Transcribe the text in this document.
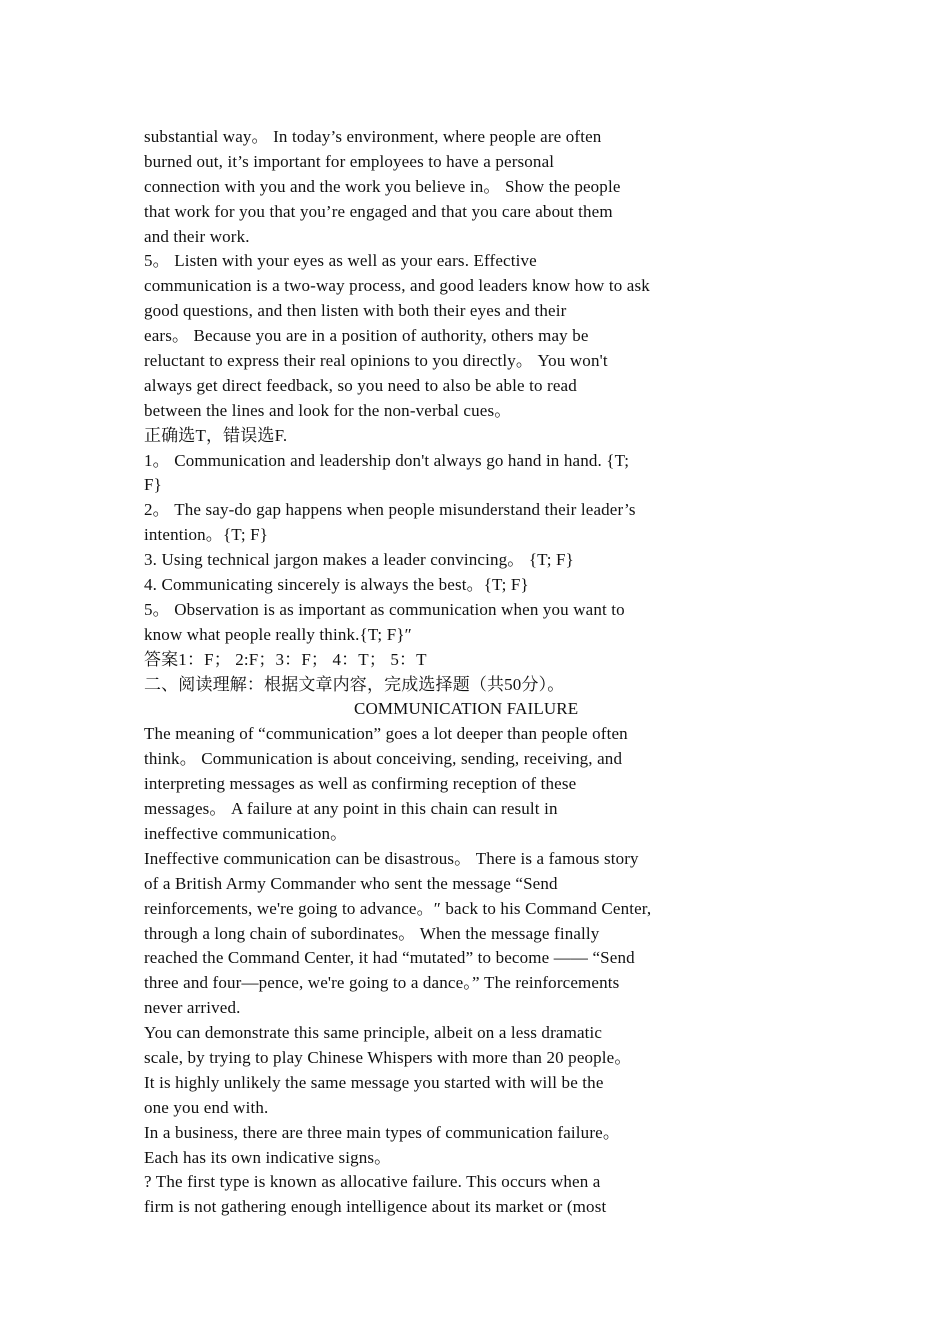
substantial way。 In today’s environment, where people are often
burned out, it’s important for employees to have a personal
connection with you and the work you believe in。 Show the people
that work for you that you’re engaged and that you care about them
and their work.
5。 Listen with your eyes as well as your ears. Effective
communication is a two-way process, and good leaders know how to ask
good questions, and then listen with both their eyes and their
ears。 Because you are in a position of authority, others may be
reluctant to express their real opinions to you directly。 You won't
always get direct feedback, so you need to also be able to read
between the lines and look for the non-verbal cues。
正确选T，错误选F.
1。 Communication and leadership don't always go hand in hand. {T;
F}
2。 The say-do gap happens when people misunderstand their leader’s
intention。{T; F}
3. Using technical jargon makes a leader convincing。 {T; F}
4. Communicating sincerely is always the best。{T; F}
5。 Observation is as important as communication when you want to
know what people really think.{T; F}″
答案1：F； 2:F；3：F； 4：T； 5：T
二、阅读理解：根据文章内容，完成选择题（共50分）。
COMMUNICATION FAILURE
The meaning of “communication” goes a lot deeper than people often
think。 Communication is about conceiving, sending, receiving, and
interpreting messages as well as confirming reception of these
messages。 A failure at any point in this chain can result in
ineffective communication。
Ineffective communication can be disastrous。 There is a famous story
of a British Army Commander who sent the message “Send
reinforcements, we're going to advance。″ back to his Command Center,
through a long chain of subordinates。 When the message finally
reached the Command Center, it had “mutated” to become —— “Send
three and four—pence, we're going to a dance。” The reinforcements
never arrived.
You can demonstrate this same principle, albeit on a less dramatic
scale, by trying to play Chinese Whispers with more than 20 people。
It is highly unlikely the same message you started with will be the
one you end with.
In a business, there are three main types of communication failure。
Each has its own indicative signs。
? The first type is known as allocative failure. This occurs when a
firm is not gathering enough intelligence about its market or (most
